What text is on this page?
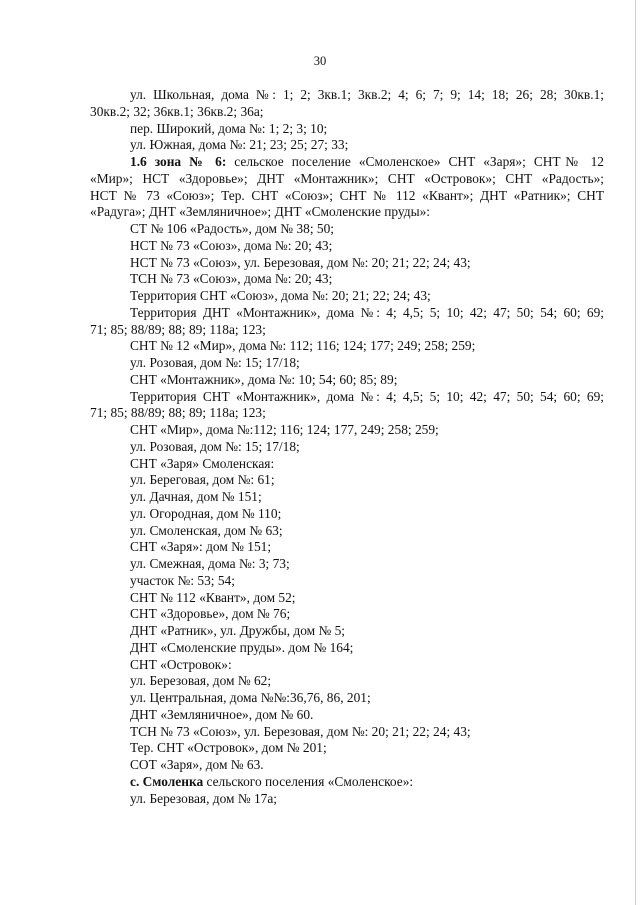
30
ул. Школьная, дома №: 1; 2; 3кв.1; 3кв.2; 4; 6; 7; 9; 14; 18; 26; 28; 30кв.1;
30кв.2; 32; 36кв.1; 36кв.2; 36а;
пер. Широкий, дома №: 1; 2; 3; 10;
ул. Южная, дома №: 21; 23; 25; 27; 33;
1.6 зона № 6: сельское поселение «Смоленское» СНТ «Заря»; СНТ№ 12
«Мир»; НСТ «Здоровье»; ДНТ «Монтажник»; СНТ «Островок»; СНТ «Радость»;
НСТ № 73 «Союз»; Тер. СНТ «Союз»; СНТ № 112 «Квант»; ДНТ «Ратник»; СНТ
«Радуга»; ДНТ «Земляничное»; ДНТ «Смоленские пруды»:
СТ № 106 «Радость», дом № 38; 50;
НСТ № 73 «Союз», дома №: 20; 43;
НСТ № 73 «Союз», ул. Березовая, дом №: 20; 21; 22; 24; 43;
ТСН № 73 «Союз», дома №: 20; 43;
Территория СНТ «Союз», дома №: 20; 21; 22; 24; 43;
Территория ДНТ «Монтажник», дома №: 4; 4,5; 5; 10; 42; 47; 50; 54; 60; 69;
71; 85; 88/89; 88; 89; 118а; 123;
СНТ № 12 «Мир», дома №: 112; 116; 124; 177; 249; 258; 259;
ул. Розовая, дом №: 15; 17/18;
СНТ «Монтажник», дома №: 10; 54; 60; 85; 89;
Территория СНТ «Монтажник», дома №: 4; 4,5; 5; 10; 42; 47; 50; 54; 60; 69;
71; 85; 88/89; 88; 89; 118а; 123;
СНТ «Мир», дома №:112; 116; 124; 177, 249; 258; 259;
ул. Розовая, дом №: 15; 17/18;
СНТ «Заря» Смоленская:
ул. Береговая, дом №: 61;
ул. Дачная, дом № 151;
ул. Огородная, дом № 110;
ул. Смоленская, дом № 63;
СНТ «Заря»: дом № 151;
ул. Смежная, дома №: 3; 73;
участок №: 53; 54;
СНТ № 112 «Квант», дом 52;
СНТ «Здоровье», дом № 76;
ДНТ «Ратник», ул. Дружбы, дом № 5;
ДНТ «Смоленские пруды». дом № 164;
СНТ «Островок»:
ул. Березовая, дом № 62;
ул. Центральная, дома №№:36,76, 86, 201;
ДНТ «Земляничное», дом № 60.
ТСН № 73 «Союз», ул. Березовая, дом №: 20; 21; 22; 24; 43;
Тер. СНТ «Островок», дом № 201;
СОТ «Заря», дом № 63.
с. Смоленка сельского поселения «Смоленское»:
ул. Березовая, дом № 17а;
